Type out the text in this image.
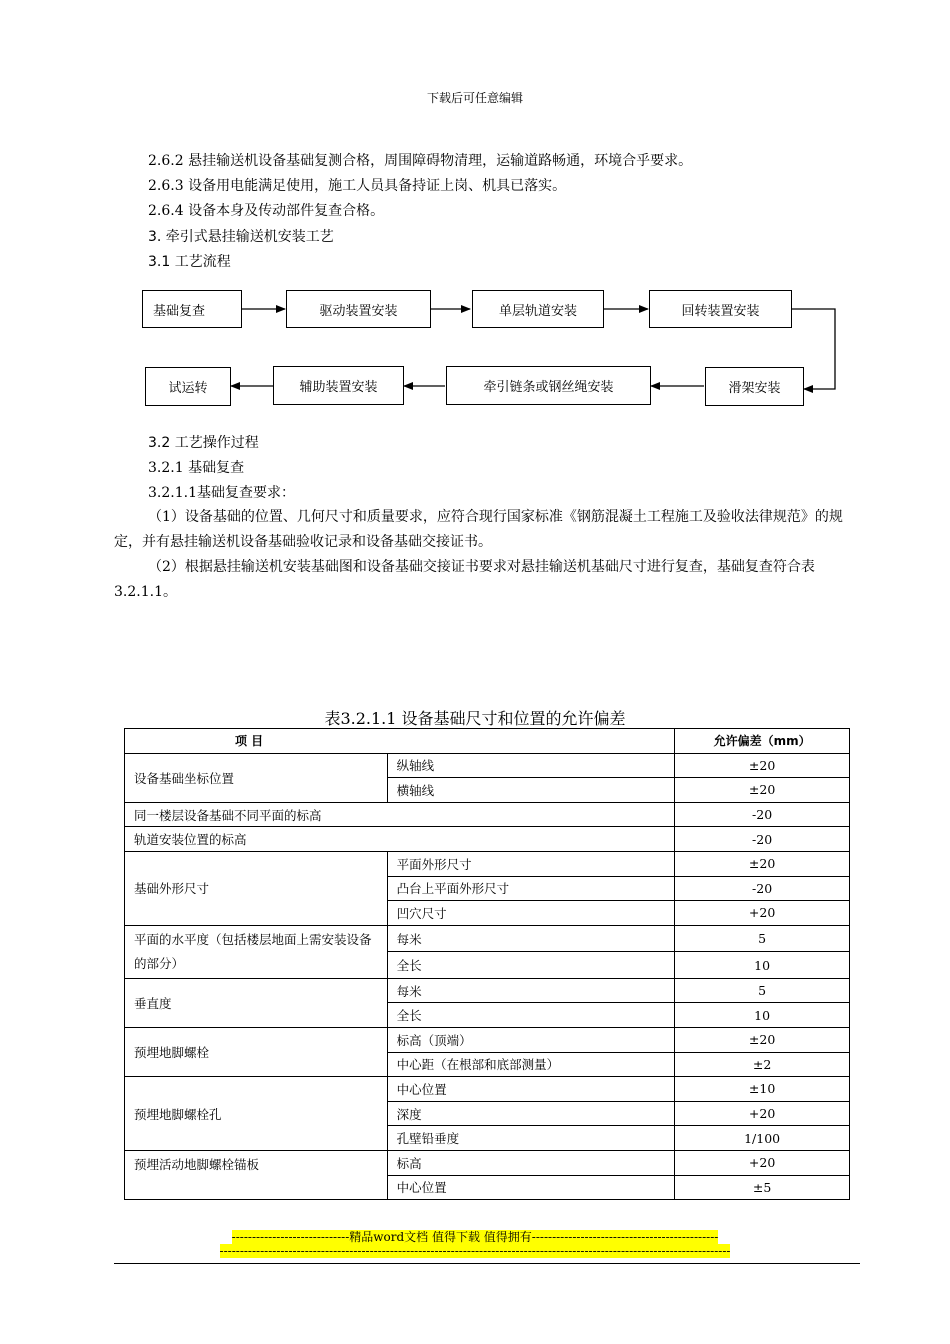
下载后可任意编辑
2.6.2 悬挂输送机设备基础复测合格，周围障碍物清理，运输道路畅通，环境合乎要求。
2.6.3 设备用电能满足使用，施工人员具备持证上岗、机具已落实。
2.6.4 设备本身及传动部件复查合格。
3. 牵引式悬挂输送机安装工艺
3.1 工艺流程
基础复查	驱动装置安装	单层轨道安装	回转装置安装
滑架安装
牵引链条或钢丝绳安装
辅助装置安装
试运转
3.2 工艺操作过程
3.2.1 基础复查
3.2.1.1基础复查要求：
（1）设备基础的位置、几何尺寸和质量要求，应符合现行国家标准《钢筋混凝土工程施工及验收法律规范》的规定，并有悬挂输送机设备基础验收记录和设备基础交接证书。
（2）根据悬挂输送机安装基础图和设备基础交接证书要求对悬挂输送机基础尺寸进行复查，基础复查符合表3.2.1.1。
表3.2.1.1 设备基础尺寸和位置的允许偏差
项 目		允许偏差（mm）
设备基础坐标位置	纵轴线	±20
	横轴线	±20
同一楼层设备基础不同平面的标高		-20
轨道安装位置的标高		-20
基础外形尺寸	平面外形尺寸	±20
	凸台上平面外形尺寸	-20
	凹穴尺寸	+20
平面的水平度（包括楼层地面上需安装设备的部分）	每米	5
	全长	10
垂直度	每米	5
	全长	10
预埋地脚螺栓	标高（顶端）	±20
	中心距（在根部和底部测量）	±2
预埋地脚螺栓孔	中心位置	±10
	深度	+20
	孔壁铅垂度	1/100
预埋活动地脚螺栓锚板	标高	+20
	中心位置	±5
-----------------------------精品word文档 值得下载 值得拥有----------------------------------------------
------------------------------------------------------------------------------------------------------------------------------
